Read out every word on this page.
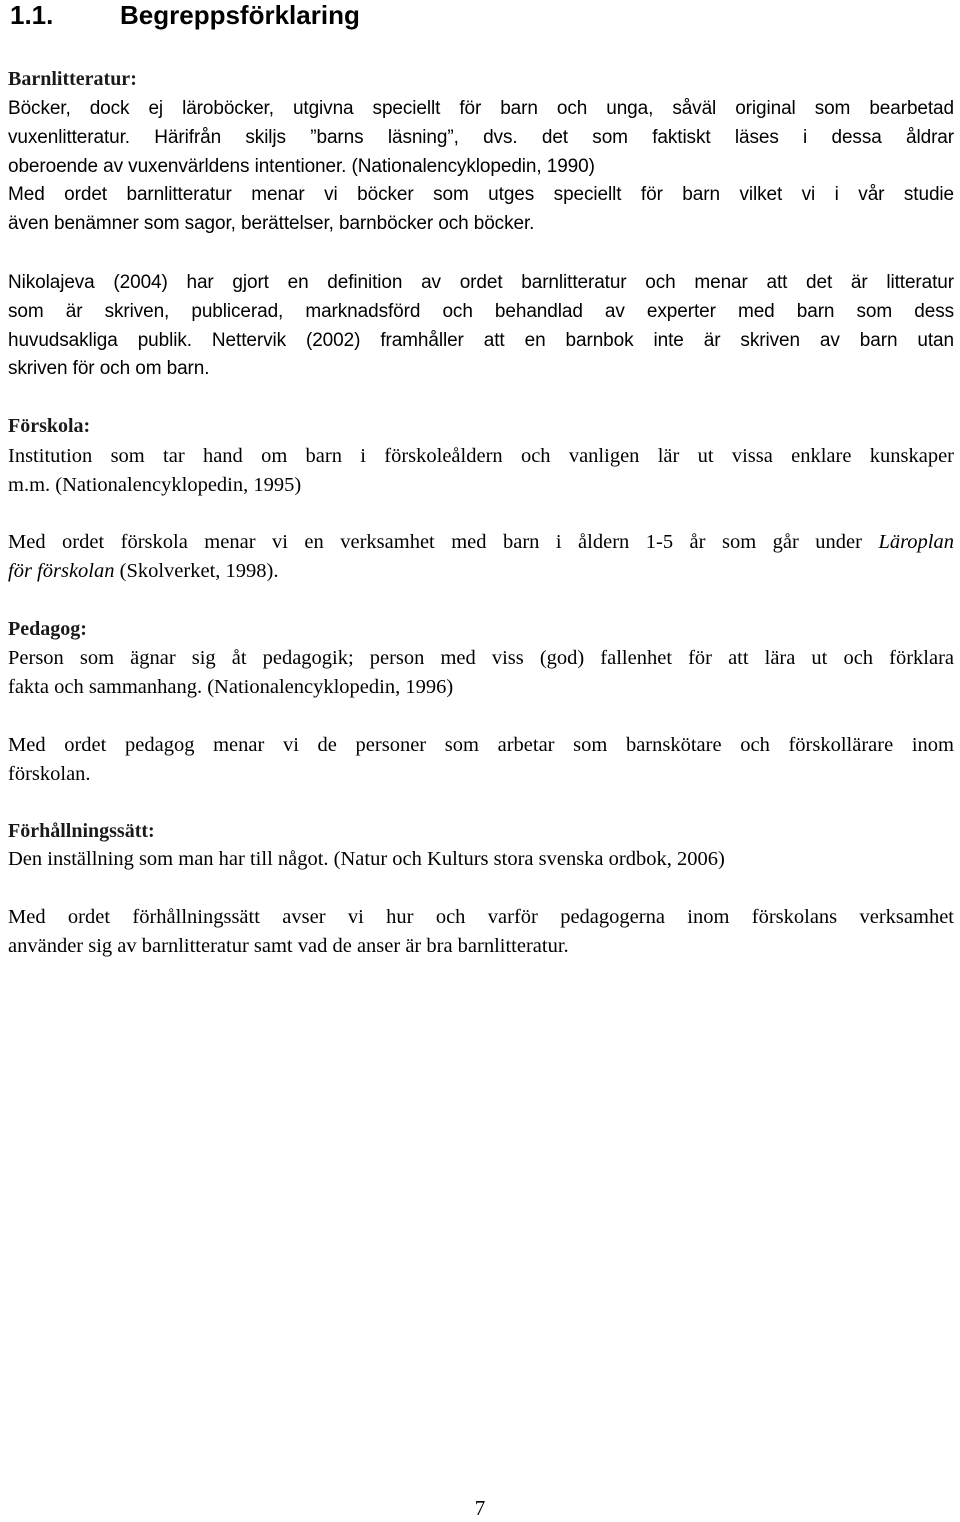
1.1.	Begreppsförklaring
Barnlitteratur:
Böcker, dock ej läroböcker, utgivna speciellt för barn och unga, såväl original som bearbetad
vuxenlitteratur. Härifrån skiljs ”barns läsning”, dvs. det som faktiskt läses i dessa åldrar
oberoende av vuxenvärldens intentioner. (Nationalencyklopedin, 1990)
Med ordet barnlitteratur menar vi böcker som utges speciellt för barn vilket vi i vår studie
även benämner som sagor, berättelser, barnböcker och böcker.
Nikolajeva (2004) har gjort en definition av ordet barnlitteratur och menar att det är litteratur
som är skriven, publicerad, marknadsförd och behandlad av experter med barn som dess
huvudsakliga publik. Nettervik (2002) framhåller att en barnbok inte är skriven av barn utan
skriven för och om barn.
Förskola:
Institution som tar hand om barn i förskoleåldern och vanligen lär ut vissa enklare kunskaper
m.m. (Nationalencyklopedin, 1995)
Med ordet förskola menar vi en verksamhet med barn i åldern 1-5 år som går under Läroplan
för förskolan (Skolverket, 1998).
Pedagog:
Person som ägnar sig åt pedagogik; person med viss (god) fallenhet för att lära ut och förklara
fakta och sammanhang. (Nationalencyklopedin, 1996)
Med ordet pedagog menar vi de personer som arbetar som barnskötare och förskollärare inom
förskolan.
Förhållningssätt:
Den inställning som man har till något. (Natur och Kulturs stora svenska ordbok, 2006)
Med ordet förhållningssätt avser vi hur och varför pedagogerna inom förskolans verksamhet
använder sig av barnlitteratur samt vad de anser är bra barnlitteratur.
7
